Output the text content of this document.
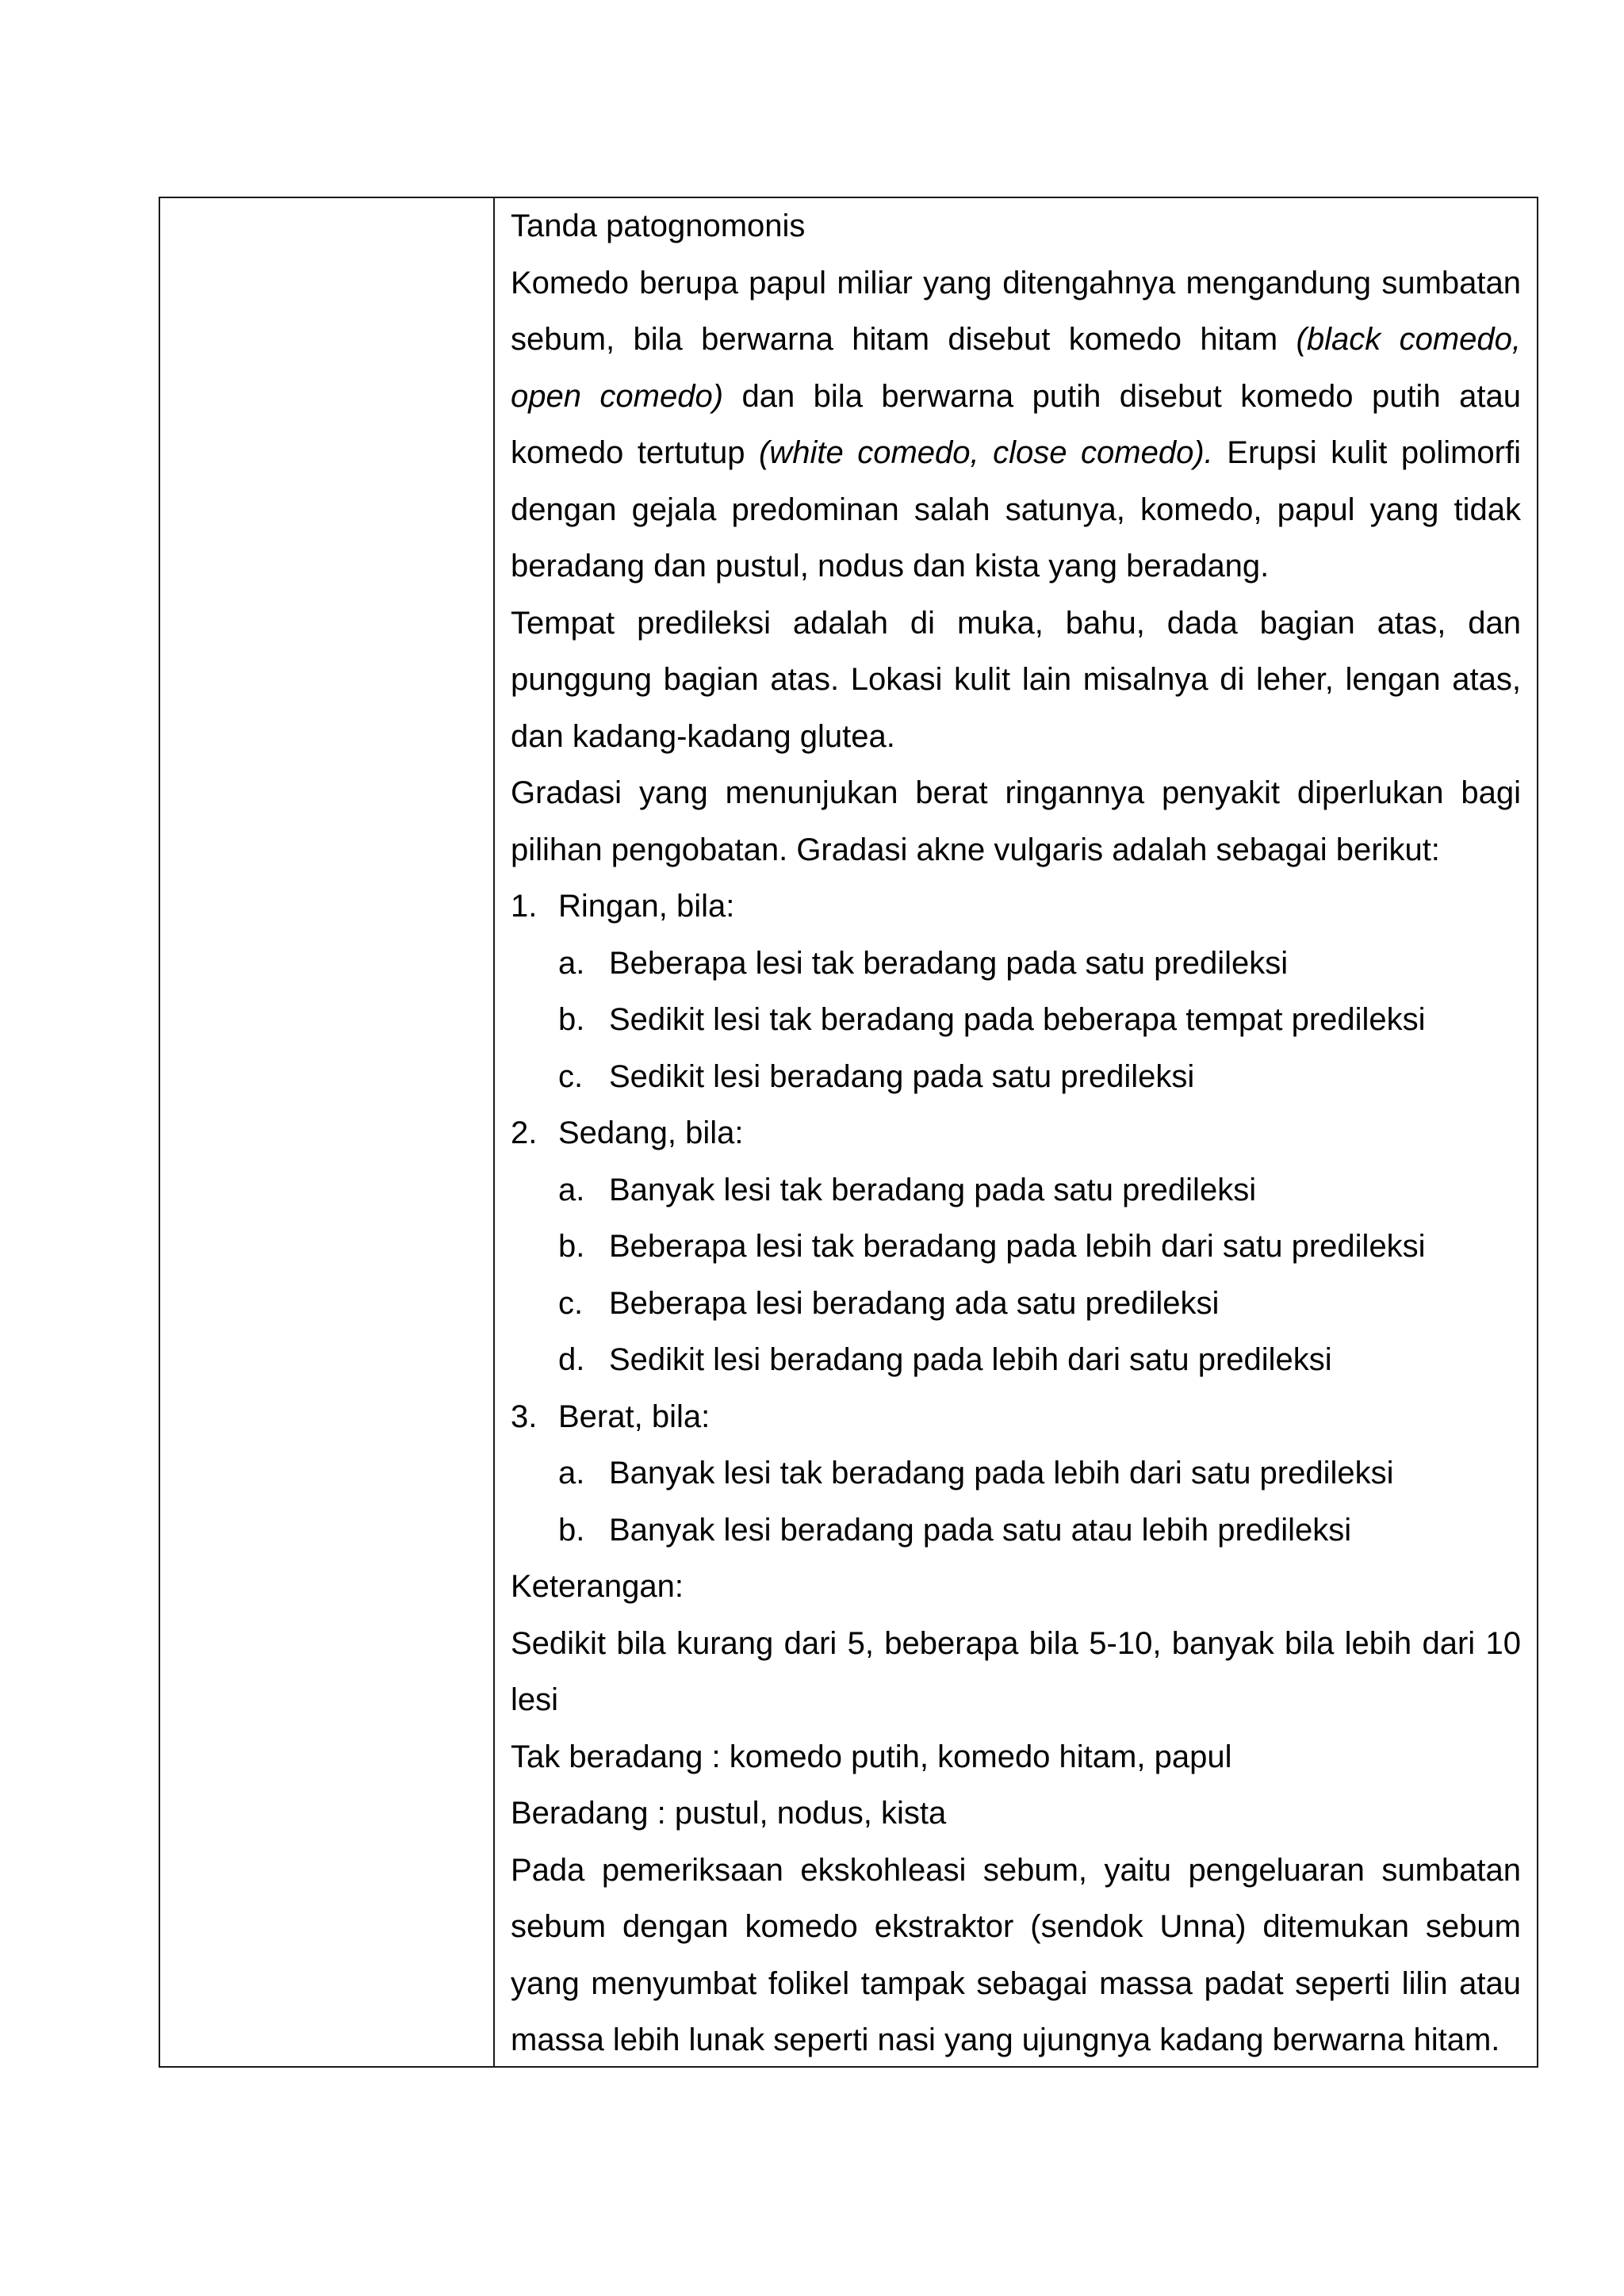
Tanda patognomonis
Komedo berupa papul miliar yang ditengahnya mengandung sumbatan
sebum, bila berwarna hitam disebut komedo hitam (black comedo,
open comedo) dan bila berwarna putih disebut komedo putih atau
komedo tertutup (white comedo, close comedo). Erupsi kulit polimorfi
dengan gejala predominan salah satunya, komedo, papul yang tidak
beradang dan pustul, nodus dan kista yang beradang.
Tempat predileksi adalah di muka, bahu, dada bagian atas, dan
punggung bagian atas. Lokasi kulit lain misalnya di leher, lengan atas,
dan kadang-kadang glutea.
Gradasi yang menunjukan berat ringannya penyakit diperlukan bagi
pilihan pengobatan. Gradasi akne vulgaris adalah sebagai berikut:
1. Ringan, bila:
a. Beberapa lesi tak beradang pada satu predileksi
b. Sedikit lesi tak beradang pada beberapa tempat predileksi
c. Sedikit lesi beradang pada satu predileksi
2. Sedang, bila:
a. Banyak lesi tak beradang pada satu predileksi
b. Beberapa lesi tak beradang pada lebih dari satu predileksi
c. Beberapa lesi beradang ada satu predileksi
d. Sedikit lesi beradang pada lebih dari satu predileksi
3. Berat, bila:
a. Banyak lesi tak beradang pada lebih dari satu predileksi
b. Banyak lesi beradang pada satu atau lebih predileksi
Keterangan:
Sedikit bila kurang dari 5, beberapa bila 5-10, banyak bila lebih dari 10
lesi
Tak beradang : komedo putih, komedo hitam, papul
Beradang : pustul, nodus, kista
Pada pemeriksaan ekskohleasi sebum, yaitu pengeluaran sumbatan
sebum dengan komedo ekstraktor (sendok Unna) ditemukan sebum
yang menyumbat folikel tampak sebagai massa padat seperti lilin atau
massa lebih lunak seperti nasi yang ujungnya kadang berwarna hitam.
